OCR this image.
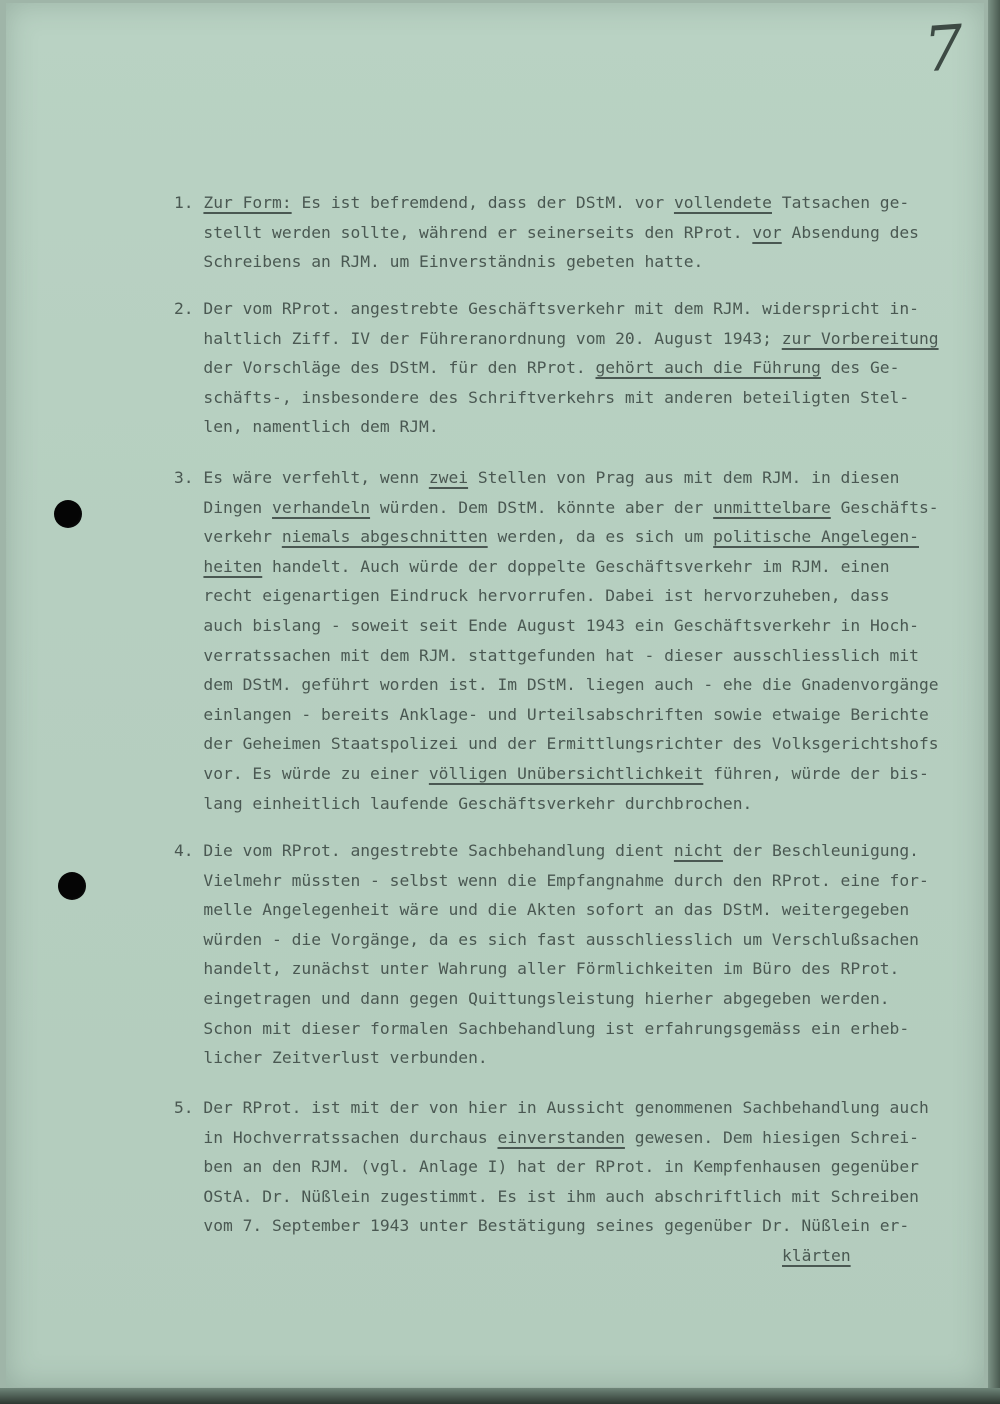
7
1. Zur Form: Es ist befremdend, dass der DStM. vor vollendete Tatsachen ge-
stellt werden sollte, während er seinerseits den RProt. vor Absendung des
Schreibens an RJM. um Einverständnis gebeten hatte.
2. Der vom RProt. angestrebte Geschäftsverkehr mit dem RJM. widerspricht in-
haltlich Ziff. IV der Führeranordnung vom 20. August 1943; zur Vorbereitung
der Vorschläge des DStM. für den RProt. gehört auch die Führung des Ge-
schäfts-, insbesondere des Schriftverkehrs mit anderen beteiligten Stel-
len, namentlich dem RJM.
3. Es wäre verfehlt, wenn zwei Stellen von Prag aus mit dem RJM. in diesen
Dingen verhandeln würden. Dem DStM. könnte aber der unmittelbare Geschäfts-
verkehr niemals abgeschnitten werden, da es sich um politische Angelegen-
heiten handelt. Auch würde der doppelte Geschäftsverkehr im RJM. einen
recht eigenartigen Eindruck hervorrufen. Dabei ist hervorzuheben, dass
auch bislang - soweit seit Ende August 1943 ein Geschäftsverkehr in Hoch-
verratssachen mit dem RJM. stattgefunden hat - dieser ausschliesslich mit
dem DStM. geführt worden ist. Im DStM. liegen auch - ehe die Gnadenvorgänge
einlangen - bereits Anklage- und Urteilsabschriften sowie etwaige Berichte
der Geheimen Staatspolizei und der Ermittlungsrichter des Volksgerichtshofs
vor. Es würde zu einer völligen Unübersichtlichkeit führen, würde der bis-
lang einheitlich laufende Geschäftsverkehr durchbrochen.
4. Die vom RProt. angestrebte Sachbehandlung dient nicht der Beschleunigung.
Vielmehr müssten - selbst wenn die Empfangnahme durch den RProt. eine for-
melle Angelegenheit wäre und die Akten sofort an das DStM. weitergegeben
würden - die Vorgänge, da es sich fast ausschliesslich um Verschlußsachen
handelt, zunächst unter Wahrung aller Förmlichkeiten im Büro des RProt.
eingetragen und dann gegen Quittungsleistung hierher abgegeben werden.
Schon mit dieser formalen Sachbehandlung ist erfahrungsgemäss ein erheb-
licher Zeitverlust verbunden.
5. Der RProt. ist mit der von hier in Aussicht genommenen Sachbehandlung auch
in Hochverratssachen durchaus einverstanden gewesen. Dem hiesigen Schrei-
ben an den RJM. (vgl. Anlage I) hat der RProt. in Kempfenhausen gegenüber
OStA. Dr. Nüßlein zugestimmt. Es ist ihm auch abschriftlich mit Schreiben
vom 7. September 1943 unter Bestätigung seines gegenüber Dr. Nüßlein er-
klärten
